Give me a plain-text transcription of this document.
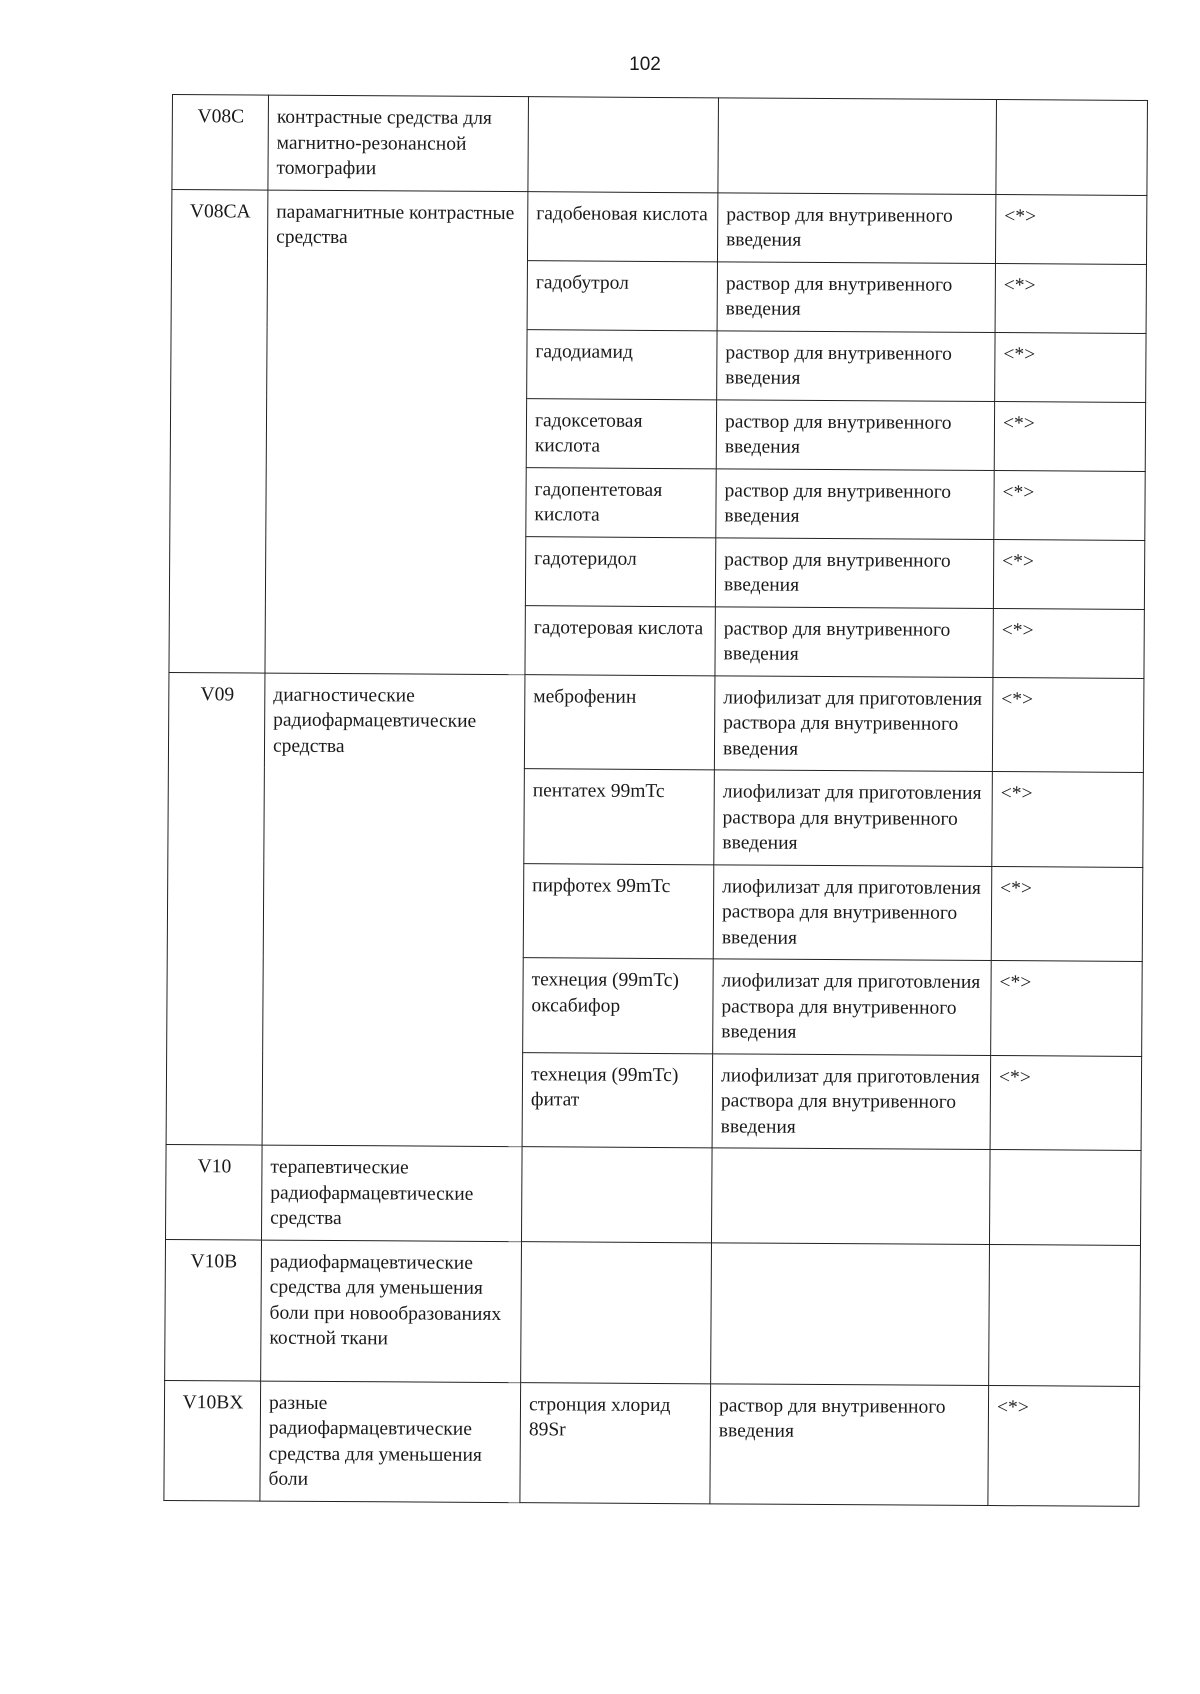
102
V08C	контрастные средства для магнитно-резонансной томографии			
V08CA	парамагнитные контрастные средства	гадобеновая кислота	раствор для внутривенного введения	<*>
		гадобутрол	раствор для внутривенного введения	<*>
		гадодиамид	раствор для внутривенного введения	<*>
		гадоксетовая кислота	раствор для внутривенного введения	<*>
		гадопентетовая кислота	раствор для внутривенного введения	<*>
		гадотеридол	раствор для внутривенного введения	<*>
		гадотеровая кислота	раствор для внутривенного введения	<*>
V09	диагностические радиофармацевтические средства	меброфенин	лиофилизат для приготовления раствора для внутривенного введения	<*>
		пентатех 99mTc	лиофилизат для приготовления раствора для внутривенного введения	<*>
		пирфотех 99mTc	лиофилизат для приготовления раствора для внутривенного введения	<*>
		технеция (99mTc) оксабифор	лиофилизат для приготовления раствора для внутривенного введения	<*>
		технеция (99mTc) фитат	лиофилизат для приготовления раствора для внутривенного введения	<*>
V10	терапевтические радиофармацевтические средства			
V10B	радиофармацевтические средства для уменьшения боли при новообразованиях костной ткани			
V10BX	разные радиофармацевтические средства для уменьшения боли	стронция хлорид 89Sr	раствор для внутривенного введения	<*>
